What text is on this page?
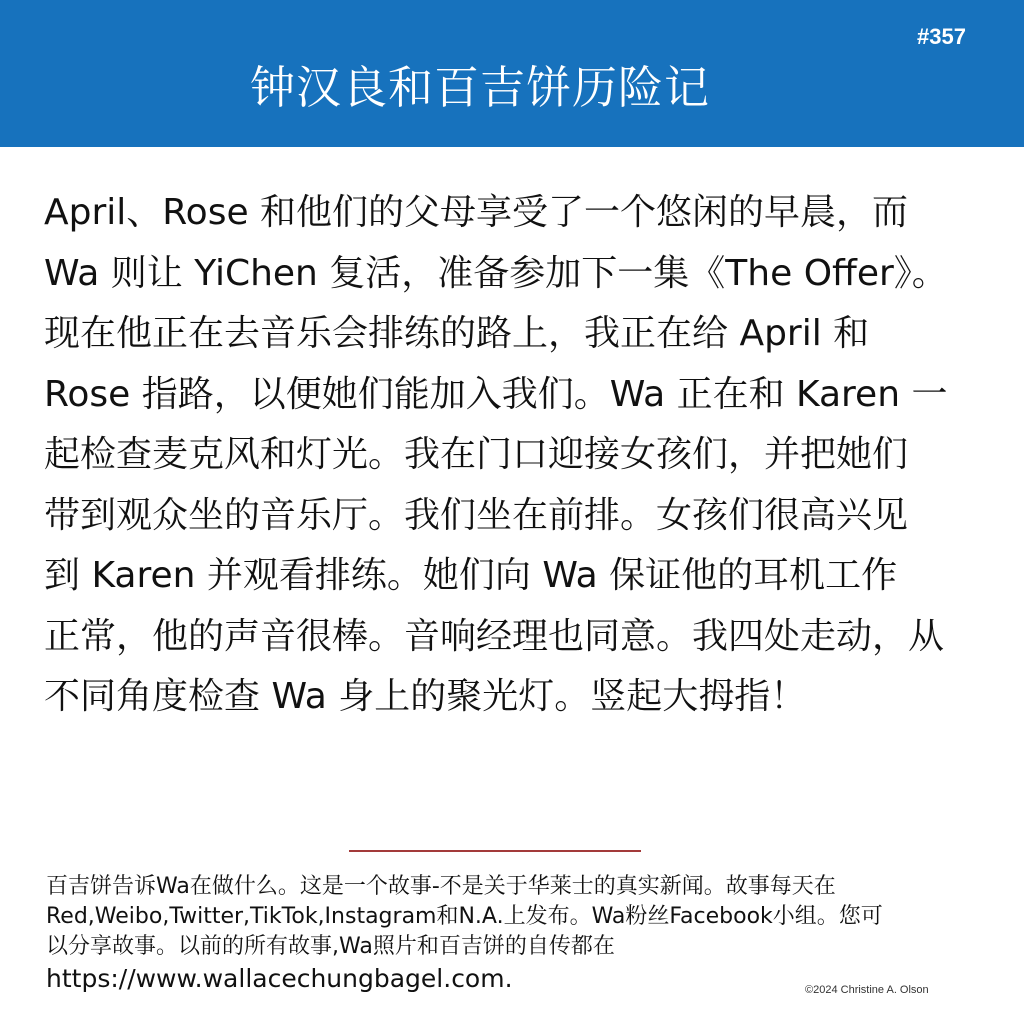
#357
钟汉良和百吉饼历险记
April、Rose 和他们的父母享受了一个悠闲的早晨，而
Wa 则让 YiChen 复活，准备参加下一集《The Offer》。
现在他正在去音乐会排练的路上，我正在给 April 和
Rose 指路，以便她们能加入我们。Wa 正在和 Karen 一
起检查麦克风和灯光。我在门口迎接女孩们，并把她们
带到观众坐的音乐厅。我们坐在前排。女孩们很高兴见
到 Karen 并观看排练。她们向 Wa 保证他的耳机工作
正常，他的声音很棒。音响经理也同意。我四处走动，从
不同角度检查 Wa 身上的聚光灯。竖起大拇指！
百吉饼告诉Wa在做什么。这是一个故事-不是关于华莱士的真实新闻。故事每天在
Red,Weibo,Twitter,TikTok,Instagram和N.A.上发布。Wa粉丝Facebook小组。您可
以分享故事。以前的所有故事,Wa照片和百吉饼的自传都在
https://www.wallacechungbagel.com.	©2024 Christine A. Olson
